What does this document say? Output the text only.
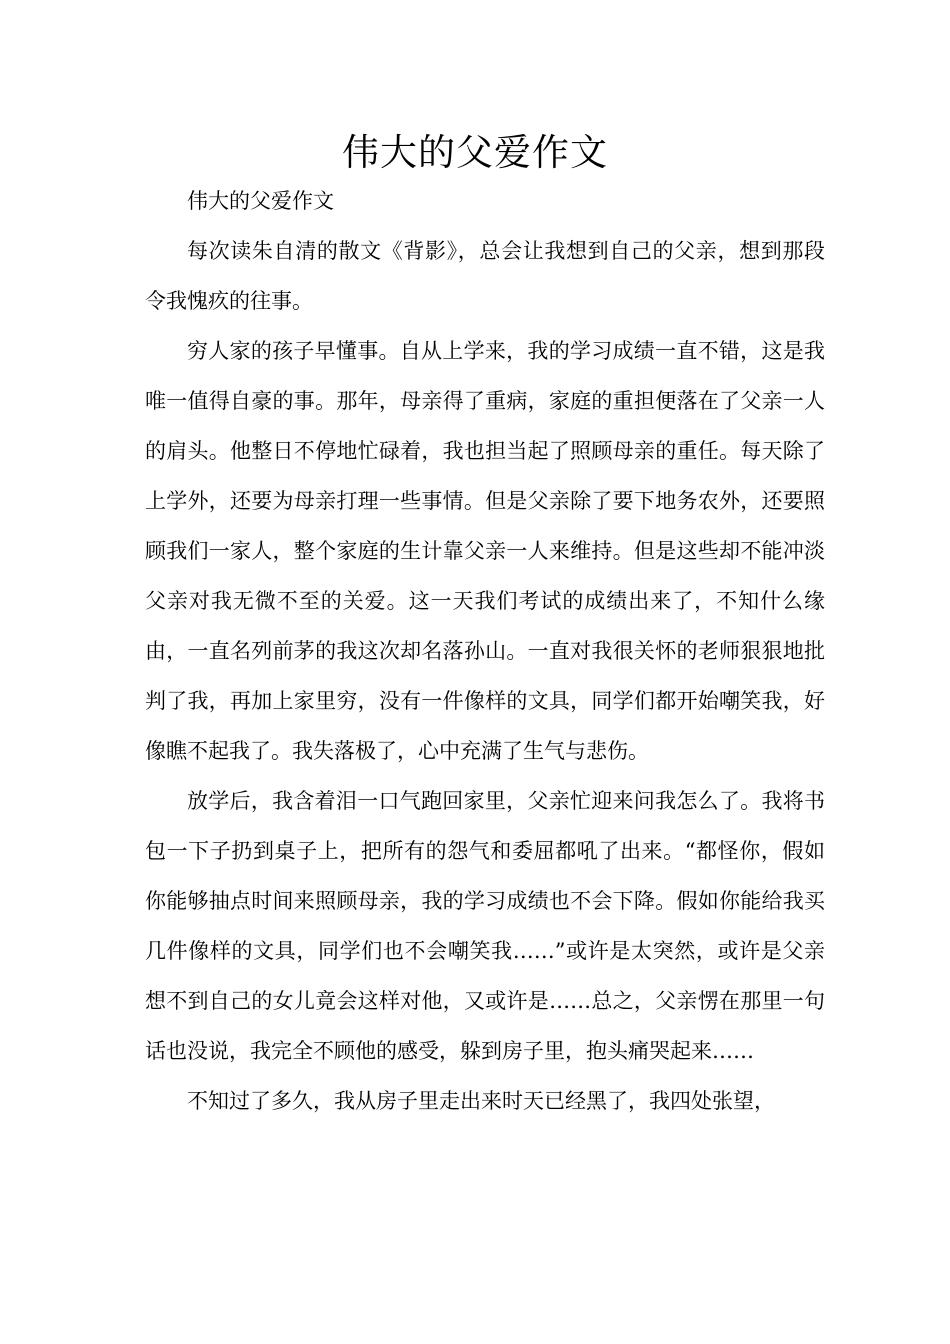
伟大的父爱作文

伟大的父爱作文

每次读朱自清的散文《背影》，总会让我想到自己的父亲，想到那段令我愧疚的往事。

穷人家的孩子早懂事。自从上学来，我的学习成绩一直不错，这是我唯一值得自豪的事。那年，母亲得了重病，家庭的重担便落在了父亲一人的肩头。他整日不停地忙碌着，我也担当起了照顾母亲的重任。每天除了上学外，还要为母亲打理一些事情。但是父亲除了要下地务农外，还要照顾我们一家人，整个家庭的生计靠父亲一人来维持。但是这些却不能冲淡父亲对我无微不至的关爱。这一天我们考试的成绩出来了，不知什么缘由，一直名列前茅的我这次却名落孙山。一直对我很关怀的老师狠狠地批判了我，再加上家里穷，没有一件像样的文具，同学们都开始嘲笑我，好像瞧不起我了。我失落极了，心中充满了生气与悲伤。

放学后，我含着泪一口气跑回家里，父亲忙迎来问我怎么了。我将书包一下子扔到桌子上，把所有的怨气和委屈都吼了出来。“都怪你，假如你能够抽点时间来照顾母亲，我的学习成绩也不会下降。假如你能给我买几件像样的文具，同学们也不会嘲笑我……”或许是太突然，或许是父亲想不到自己的女儿竟会这样对他，又或许是……总之，父亲愣在那里一句话也没说，我完全不顾他的感受，躲到房子里，抱头痛哭起来……

不知过了多久，我从房子里走出来时天已经黑了，我四处张望，
